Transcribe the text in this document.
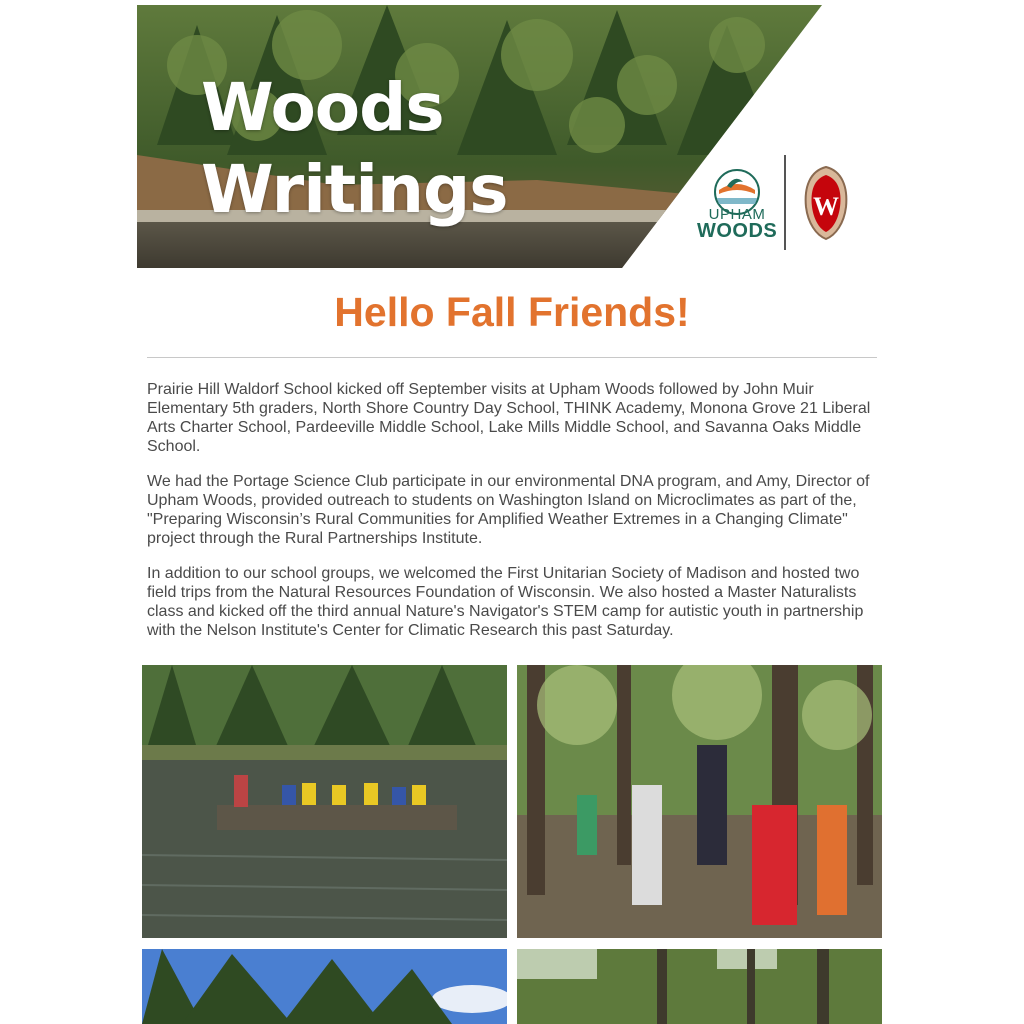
Woods
Writings	UPHAM
WOODS
W
Hello Fall Friends!

Prairie Hill Waldorf School kicked off September visits at Upham Woods followed by John Muir Elementary 5th graders, North Shore Country Day School, THINK Academy, Monona Grove 21 Liberal Arts Charter School, Pardeeville Middle School, Lake Mills Middle School, and Savanna Oaks Middle School.

We had the Portage Science Club participate in our environmental DNA program, and Amy, Director of Upham Woods, provided outreach to students on Washington Island on Microclimates as part of the, "Preparing Wisconsin’s Rural Communities for Amplified Weather Extremes in a Changing Climate" project through the Rural Partnerships Institute.

In addition to our school groups, we welcomed the First Unitarian Society of Madison and hosted two field trips from the Natural Resources Foundation of Wisconsin. We also hosted a Master Naturalists class and kicked off the third annual Nature's Navigator's STEM camp for autistic youth in partnership with the Nelson Institute's Center for Climatic Research this past Saturday.
